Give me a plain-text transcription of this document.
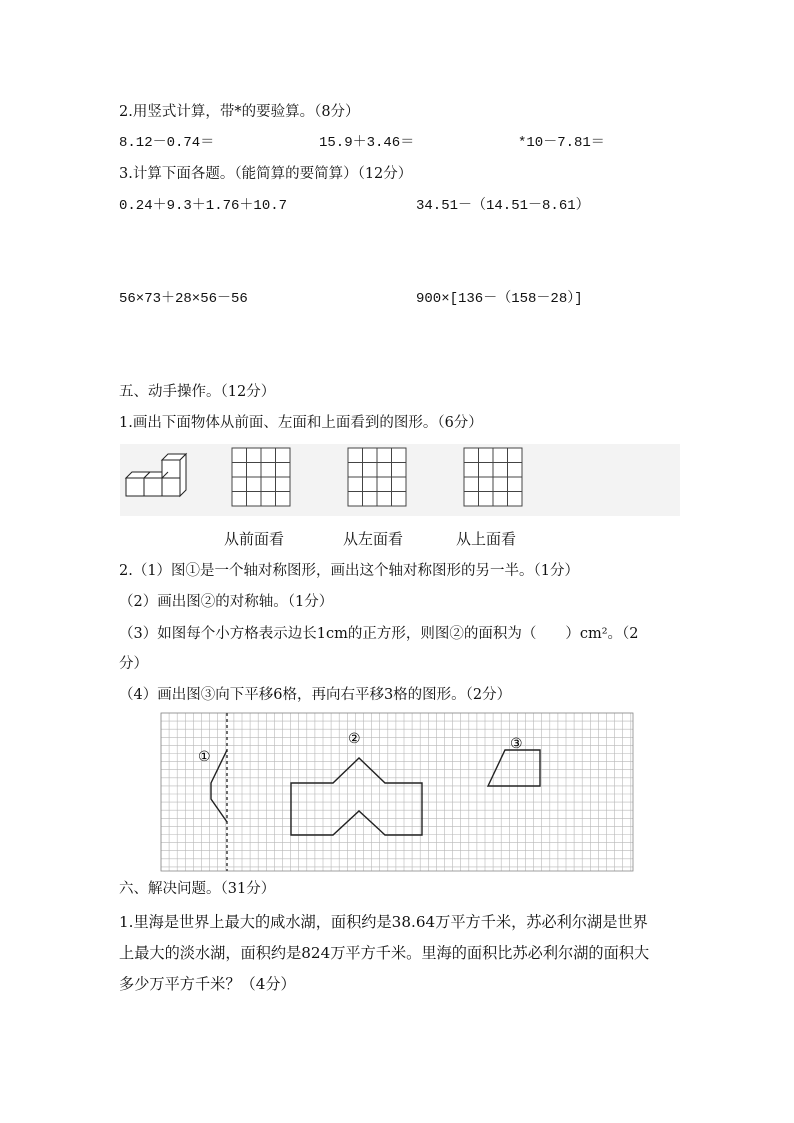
2.用竖式计算，带*的要验算。（8分）
8.12－0.74＝	15.9＋3.46＝	*10－7.81＝
3.计算下面各题。（能简算的要简算）（12分）
0.24＋9.3＋1.76＋10.7	34.51－（14.51－8.61）
56×73＋28×56－56	900×[136－（158－28）]
五、动手操作。（12分）
1.画出下面物体从前面、左面和上面看到的图形。（6分）
从前面看	从左面看	从上面看
2.（1）图①是一个轴对称图形，画出这个轴对称图形的另一半。（1分）
（2）画出图②的对称轴。（1分）
（3）如图每个小方格表示边长1cm的正方形，则图②的面积为（　　）cm²。（2
分）
（4）画出图③向下平移6格，再向右平移3格的图形。（2分）
①
②	③
六、解决问题。（31分）
1.里海是世界上最大的咸水湖，面积约是38.64万平方千米，苏必利尔湖是世界
上最大的淡水湖，面积约是824万平方千米。里海的面积比苏必利尔湖的面积大
多少万平方千米？（4分）
